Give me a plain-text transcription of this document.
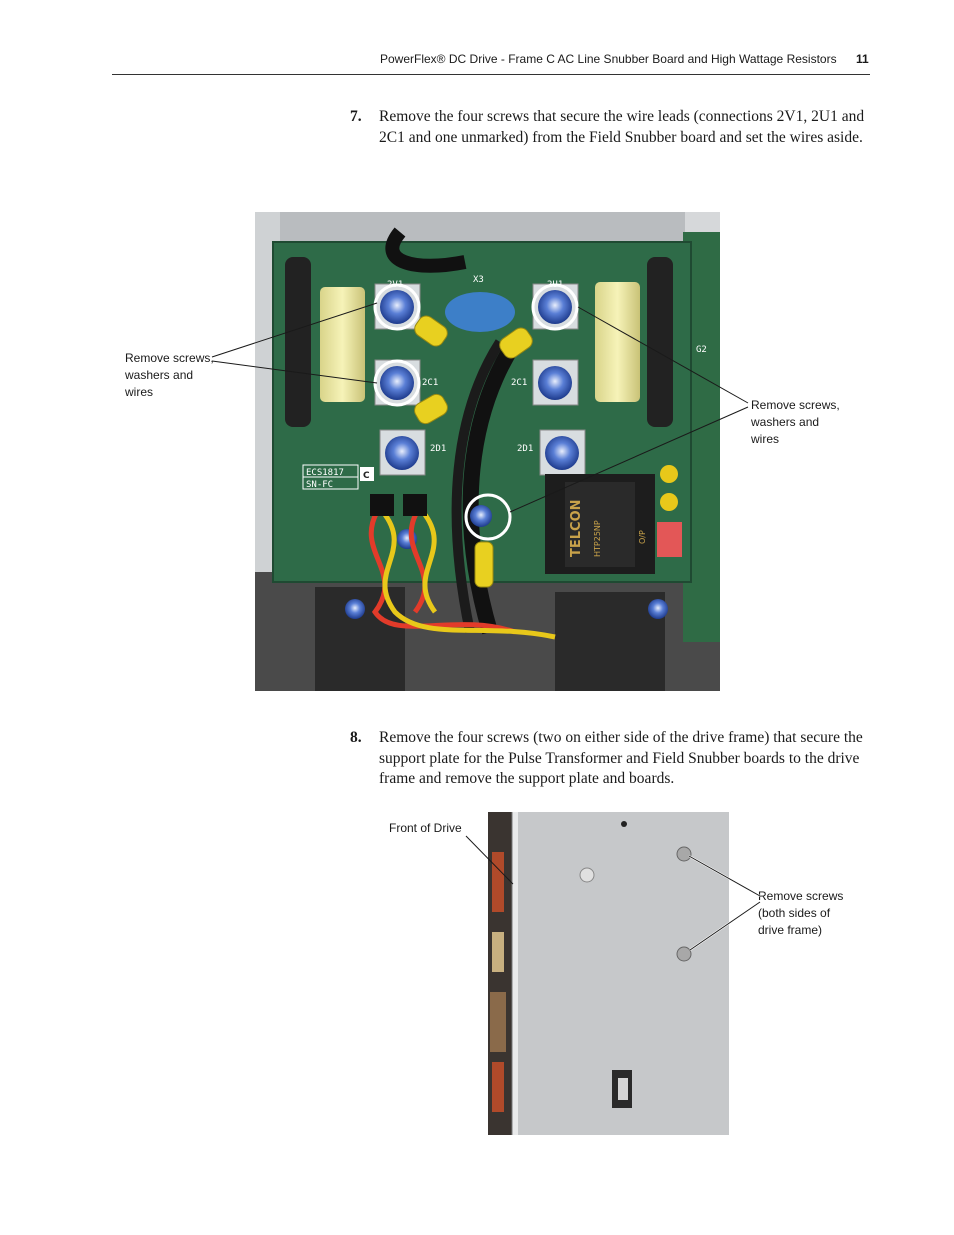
PowerFlex® DC Drive - Frame C AC Line Snubber Board and High Wattage Resistors 11
7. Remove the four screws that secure the wire leads (connections 2V1, 2U1 and 2C1 and one unmarked) from the Field Snubber board and set the wires aside.
X3
2V1	2U1
2C1	2C1
2D1	2D1
ECS1817
SN-FC
G2
C
TELCON HTP25NP	O/P
Remove screws,
washers and
wires
Remove screws,
washers and
wires
8. Remove the four screws (two on either side of the drive frame) that secure the support plate for the Pulse Transformer and Field Snubber boards to the drive frame and remove the support plate and boards.
Front of Drive
Remove screws
(both sides of
drive frame)
